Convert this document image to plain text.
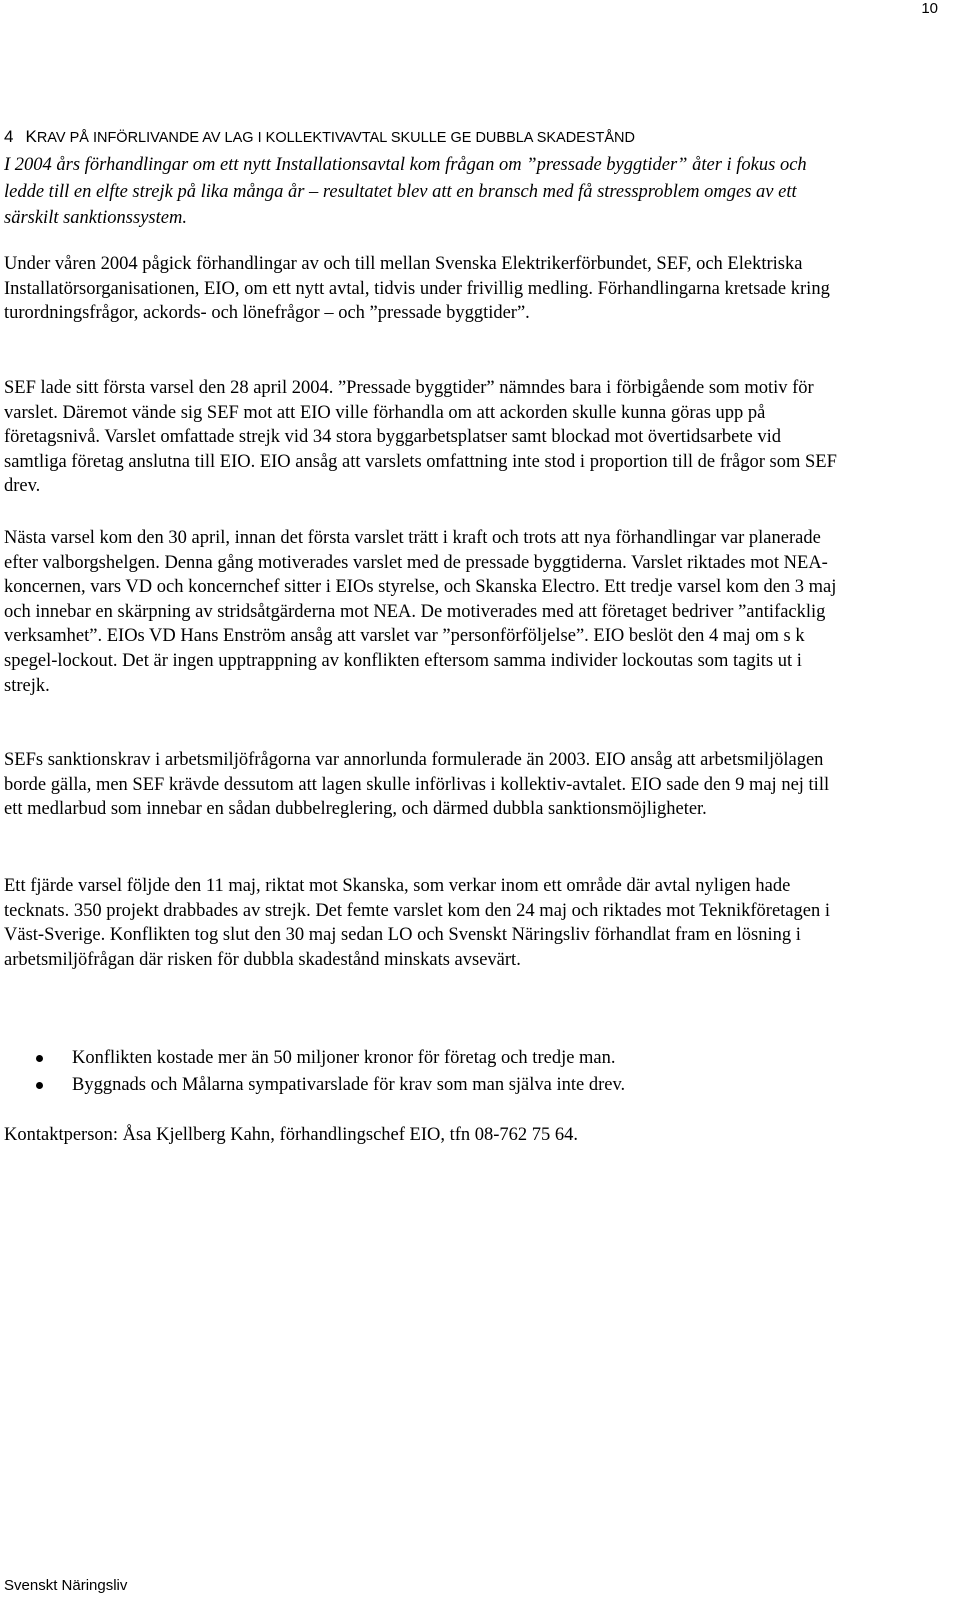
10
4 KRAV PÅ INFÖRLIVANDE AV LAG I KOLLEKTIVAVTAL SKULLE GE DUBBLA SKADESTÅND

I 2004 års förhandlingar om ett nytt Installationsavtal kom frågan om ”pressade byggtider” åter i fokus och ledde till en elfte strejk på lika många år – resultatet blev att en bransch med få stressproblem omges av ett särskilt sanktionssystem.

Under våren 2004 pågick förhandlingar av och till mellan Svenska Elektrikerförbundet, SEF, och Elektriska Installatörsorganisationen, EIO, om ett nytt avtal, tidvis under frivillig medling. Förhandlingarna kretsade kring turordningsfrågor, ackords- och lönefrågor – och ”pressade byggtider”.

SEF lade sitt första varsel den 28 april 2004. ”Pressade byggtider” nämndes bara i förbigående som motiv för varslet. Däremot vände sig SEF mot att EIO ville förhandla om att ackorden skulle kunna göras upp på företagsnivå. Varslet omfattade strejk vid 34 stora byggarbetsplatser samt blockad mot övertidsarbete vid samtliga företag anslutna till EIO. EIO ansåg att varslets omfattning inte stod i proportion till de frågor som SEF drev.

Nästa varsel kom den 30 april, innan det första varslet trätt i kraft och trots att nya förhandlingar var planerade efter valborgshelgen. Denna gång motiverades varslet med de pressade byggtiderna. Varslet riktades mot NEA-koncernen, vars VD och koncernchef sitter i EIOs styrelse, och Skanska Electro. Ett tredje varsel kom den 3 maj och innebar en skärpning av stridsåtgärderna mot NEA. De motiverades med att företaget bedriver ”antifacklig verksamhet”. EIOs VD Hans Enström ansåg att varslet var ”personförföljelse”. EIO beslöt den 4 maj om s k spegel-lockout. Det är ingen upptrappning av konflikten eftersom samma individer lockoutas som tagits ut i strejk.

SEFs sanktionskrav i arbetsmiljöfrågorna var annorlunda formulerade än 2003. EIO ansåg att arbetsmiljölagen borde gälla, men SEF krävde dessutom att lagen skulle införlivas i kollektiv-avtalet. EIO sade den 9 maj nej till ett medlarbud som innebar en sådan dubbelreglering, och därmed dubbla sanktionsmöjligheter.

Ett fjärde varsel följde den 11 maj, riktat mot Skanska, som verkar inom ett område där avtal nyligen hade tecknats. 350 projekt drabbades av strejk. Det femte varslet kom den 24 maj och riktades mot Teknikföretagen i Väst-Sverige. Konflikten tog slut den 30 maj sedan LO och Svenskt Näringsliv förhandlat fram en lösning i arbetsmiljöfrågan där risken för dubbla skadestånd minskats avsevärt.

Konflikten kostade mer än 50 miljoner kronor för företag och tredje man.
Byggnads och Målarna sympativarslade för krav som man själva inte drev.

Kontaktperson: Åsa Kjellberg Kahn, förhandlingschef EIO, tfn 08-762 75 64.

Svenskt Näringsliv
